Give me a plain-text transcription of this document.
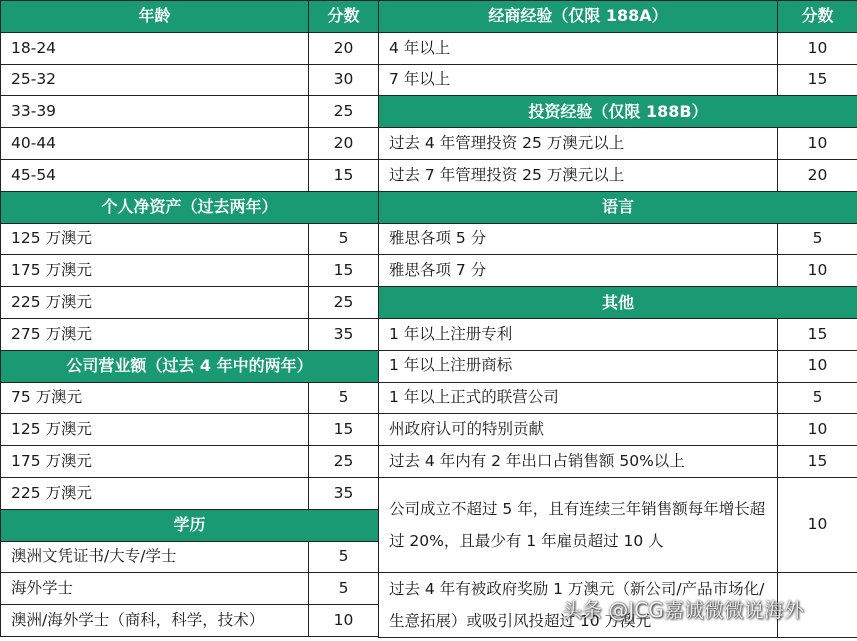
年龄	分数
18-24	20
25-32	30
33-39	25
40-44	20
45-54	15
个人净资产（过去两年）	
125 万澳元	5
175 万澳元	15
225 万澳元	25
275 万澳元	35
公司营业额（过去 4 年中的两年）	
75 万澳元	5
125 万澳元	15
175 万澳元	25
225 万澳元	35
学历	
澳洲文凭证书/大专/学士	5
海外学士	5
澳洲/海外学士（商科，科学，技术）	10
经商经验（仅限 188A）	分数
4 年以上	10
7 年以上	15
投资经验（仅限 188B）	
过去 4 年管理投资 25 万澳元以上	10
过去 7 年管理投资 25 万澳元以上	20
语言	
雅思各项 5 分	5
雅思各项 7 分	10
其他	
1 年以上注册专利	15
1 年以上注册商标	10
1 年以上正式的联营公司	5
州政府认可的特别贡献	10
过去 4 年内有 2 年出口占销售额 50%以上	15
公司成立不超过 5 年，且有连续三年销售额每年增长超过 20%，且最少有 1 年雇员超过 10 人	10
过去 4 年有被政府奖励 1 万澳元（新公司/产品市场化/生意拓展）或吸引风投超过 10 万澳元	
头条 @JCG嘉诚微微说海外
